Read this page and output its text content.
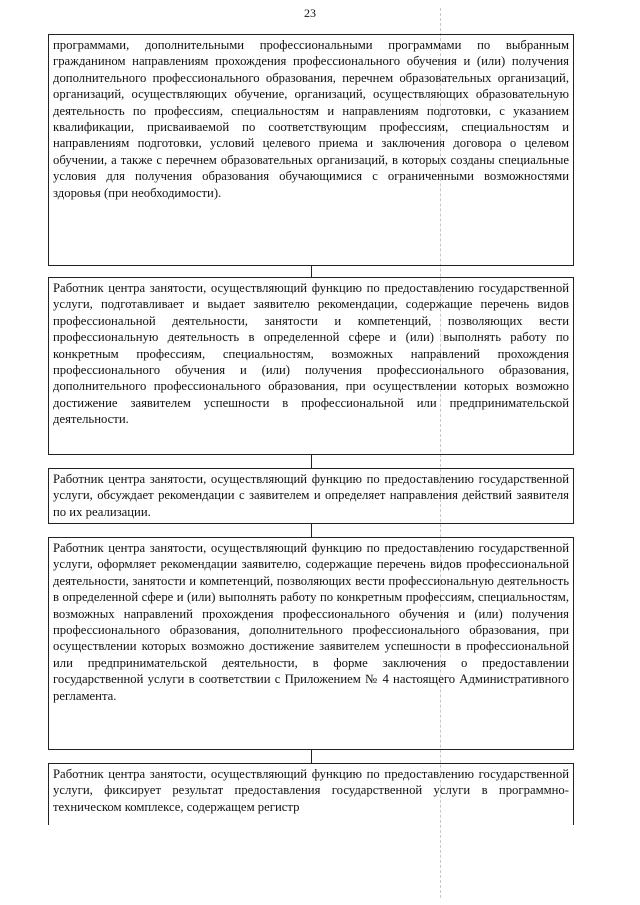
23
программами, дополнительными профессиональными программами по выбранным гражданином направлениям прохождения профессионального обучения и (или) получения дополнительного профессионального образования, перечнем образовательных организаций, организаций, осуществляющих обучение, организаций, осуществляющих образовательную деятельность по профессиям, специальностям и направлениям подготовки, с указанием квалификации, присваиваемой по соответствующим профессиям, специальностям и направлениям подготовки, условий целевого приема и заключения договора о целевом обучении, а также с перечнем образовательных организаций, в которых созданы специальные условия для получения образования обучающимися с ограниченными возможностями здоровья (при необходимости).
Работник центра занятости, осуществляющий функцию по предоставлению государственной услуги, подготавливает и выдает заявителю рекомендации, содержащие перечень видов профессиональной деятельности, занятости и компетенций, позволяющих вести профессиональную деятельность в определенной сфере и (или) выполнять работу по конкретным профессиям, специальностям, возможных направлений прохождения профессионального обучения и (или) получения профессионального образования, дополнительного профессионального образования, при осуществлении которых возможно достижение заявителем успешности в профессиональной или предпринимательской деятельности.
Работник центра занятости, осуществляющий функцию по предоставлению государственной услуги, обсуждает рекомендации с заявителем и определяет направления действий заявителя по их реализации.
Работник центра занятости, осуществляющий функцию по предоставлению государственной услуги, оформляет рекомендации заявителю, содержащие перечень видов профессиональной деятельности, занятости и компетенций, позволяющих вести профессиональную деятельность в определенной сфере и (или) выполнять работу по конкретным профессиям, специальностям, возможных направлений прохождения профессионального обучения и (или) получения профессионального образования, дополнительного профессионального образования, при осуществлении которых возможно достижение заявителем успешности в профессиональной или предпринимательской деятельности, в форме заключения о предоставлении государственной услуги в соответствии с Приложением № 4 настоящего Административного регламента.
Работник центра занятости, осуществляющий функцию по предоставлению государственной услуги, фиксирует результат предоставления государственной услуги в программно-техническом комплексе, содержащем регистр
